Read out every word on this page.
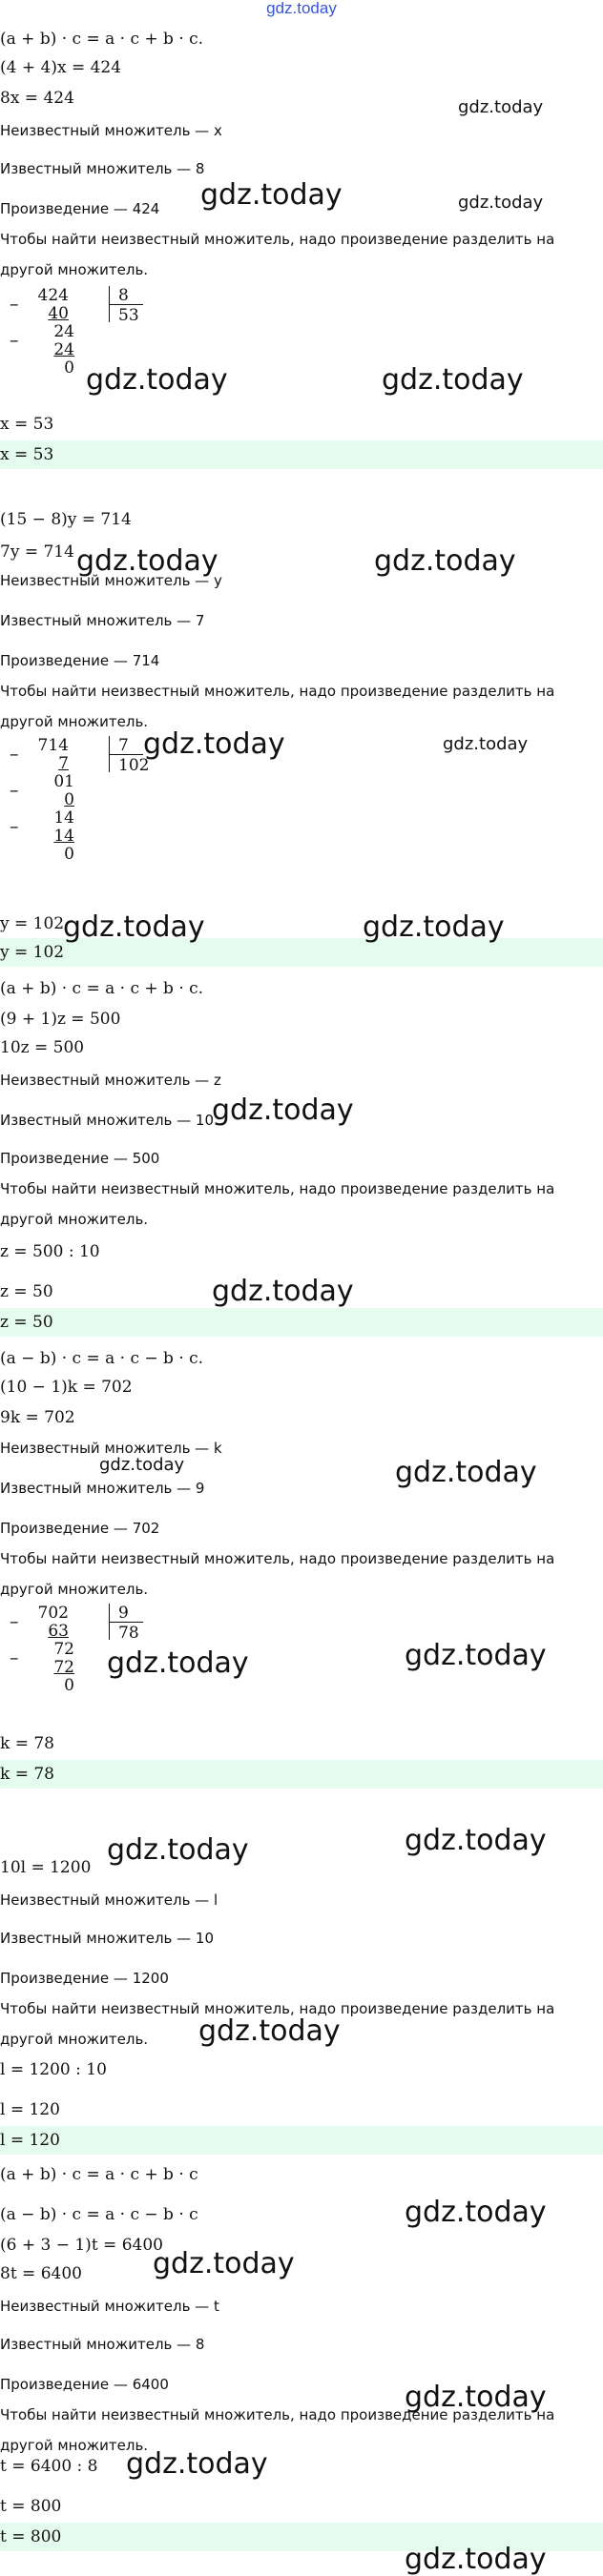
gdz.today
(a + b) · c = a · c + b · c.
(4 + 4)x = 424
8x = 424
Неизвестный множитель — x
Известный множитель — 8
Произведение — 424
Чтобы найти неизвестный множитель, надо произведение разделить на
другой множитель.
x = 53
x = 53
(15 − 8)y = 714
7y = 714
Неизвестный множитель — y
Известный множитель — 7
Произведение — 714
Чтобы найти неизвестный множитель, надо произведение разделить на
другой множитель.
y = 102
y = 102
(a + b) · c = a · c + b · c.
(9 + 1)z = 500
10z = 500
Неизвестный множитель — z
Известный множитель — 10
Произведение — 500
Чтобы найти неизвестный множитель, надо произведение разделить на
другой множитель.
z = 500 : 10
z = 50
z = 50
(a − b) · c = a · c − b · c.
(10 − 1)k = 702
9k = 702
Неизвестный множитель — k
Известный множитель — 9
Произведение — 702
Чтобы найти неизвестный множитель, надо произведение разделить на
другой множитель.
k = 78
k = 78
10l = 1200
Неизвестный множитель — l
Известный множитель — 10
Произведение — 1200
Чтобы найти неизвестный множитель, надо произведение разделить на
другой множитель.
l = 1200 : 10
l = 120
l = 120
(a + b) · c = a · c + b · c
(a − b) · c = a · c − b · c
(6 + 3 − 1)t = 6400
8t = 6400
Неизвестный множитель — t
Известный множитель — 8
Произведение — 6400
Чтобы найти неизвестный множитель, надо произведение разделить на
другой множитель.
t = 6400 : 8
t = 800
t = 800
424
40
24
24
0
–
–
8
53
714
7
01
0
14
14
0
–
–
–
7
102
702
63
72
72
0
–
–
9
78
gdz.today
gdz.today	gdz.today
gdz.today	gdz.today
gdz.today	gdz.today
gdz.today	gdz.today
gdz.today	gdz.today
gdz.today
gdz.today
gdz.today	gdz.today
gdz.today	gdz.today
gdz.today	gdz.today
gdz.today
gdz.today
gdz.today
gdz.today
gdz.today
gdz.today
